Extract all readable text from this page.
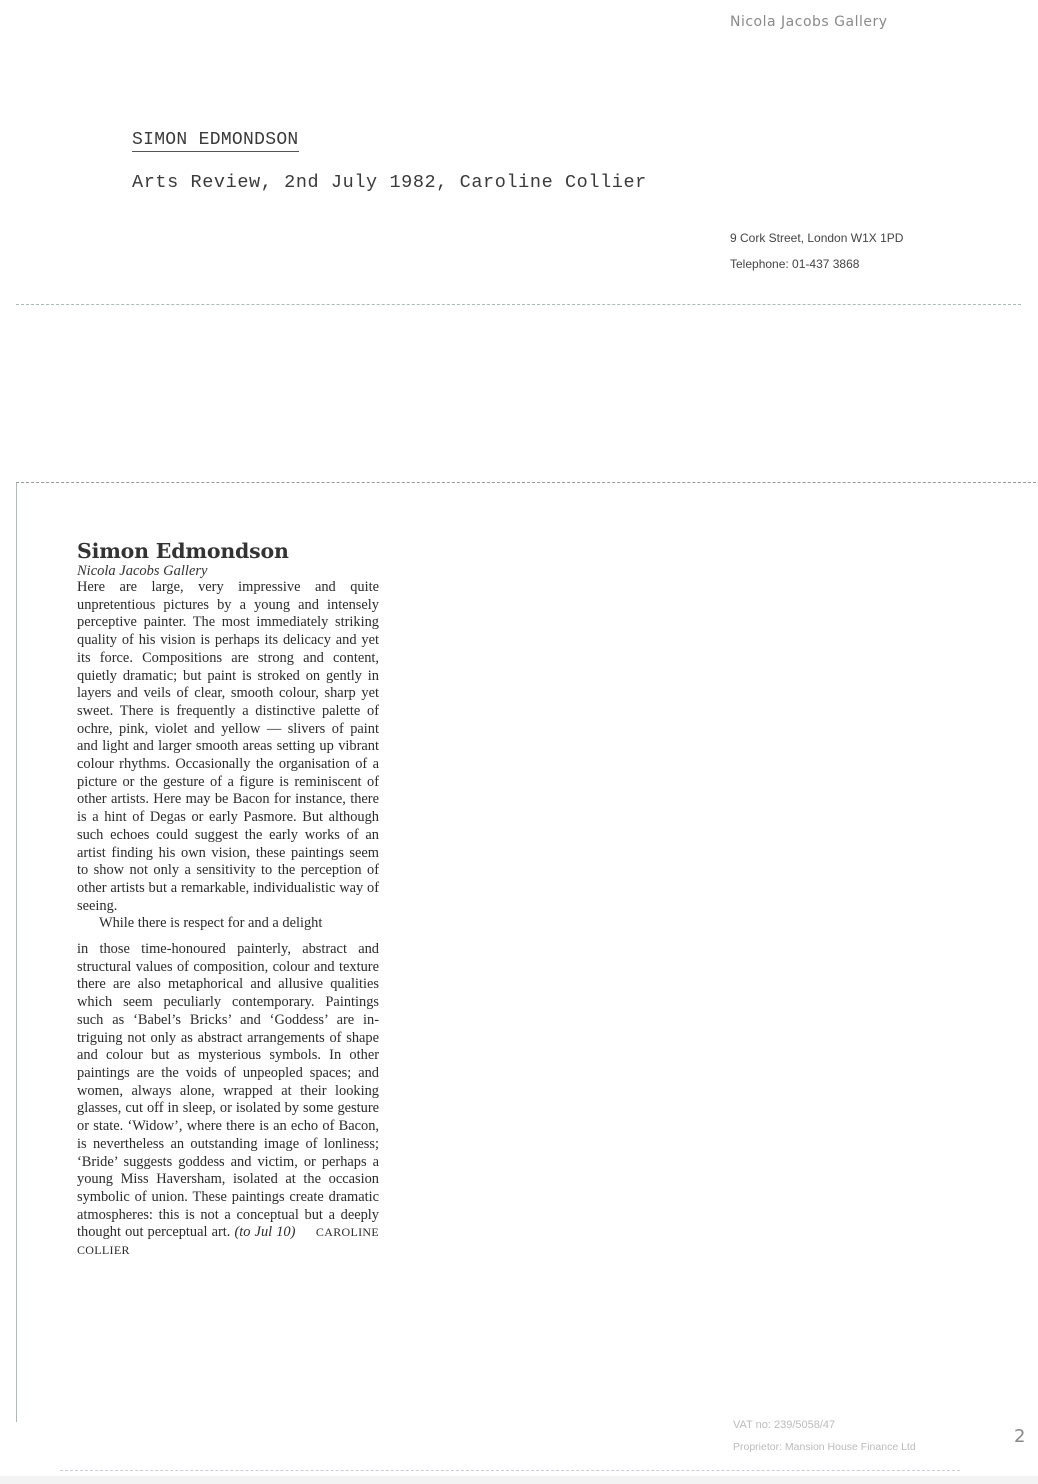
Nicola Jacobs Gallery
SIMON EDMONDSON
Arts Review, 2nd July 1982, Caroline Collier
9 Cork Street, London W1X 1PD
Telephone: 01-437 3868
Simon Edmondson
Nicola Jacobs Gallery

Here are large, very impressive and quite unpretentious pictures by a young and intensely perceptive painter. The most immediately striking quality of his vision is perhaps its delicacy and yet its force. Compositions are strong and content, quietly dramatic; but paint is stroked on gently in layers and veils of clear, smooth colour, sharp yet sweet. There is frequently a distinctive palette of ochre, pink, violet and yellow — slivers of paint and light and larger smooth areas setting up vibrant colour rhythms. Occasionally the organisation of a picture or the gesture of a figure is reminiscent of other artists. Here may be Bacon for instance, there is a hint of Degas or early Pasmore. But although such echoes could suggest the early works of an artist finding his own vision, these paintings seem to show not only a sensitivity to the perception of other artists but a remarkable, individualistic way of seeing.

While there is respect for and a delight

in those time-honoured painterly, abstract and structural values of composition, colour and texture there are also metaphorical and allusive qualities which seem peculiarly contemporary. Paintings such as ‘Babel’s Bricks’ and ‘Goddess’ are intriguing not only as abstract arrangements of shape and colour but as mysterious symbols. In other paintings are the voids of unpeopled spaces; and women, always alone, wrapped at their looking glasses, cut off in sleep, or isolated by some gesture or state. ‘Widow’, where there is an echo of Bacon, is nevertheless an outstanding image of lonliness; ‘Bride’ suggests goddess and victim, or perhaps a young Miss Haversham, isolated at the occasion symbolic of union. These paintings create dramatic atmospheres: this is not a conceptual but a deeply thought out perceptual art. (to Jul 10) CAROLINE COLLIER

VAT no: 239/5058/47
Proprietor: Mansion House Finance Ltd	2
